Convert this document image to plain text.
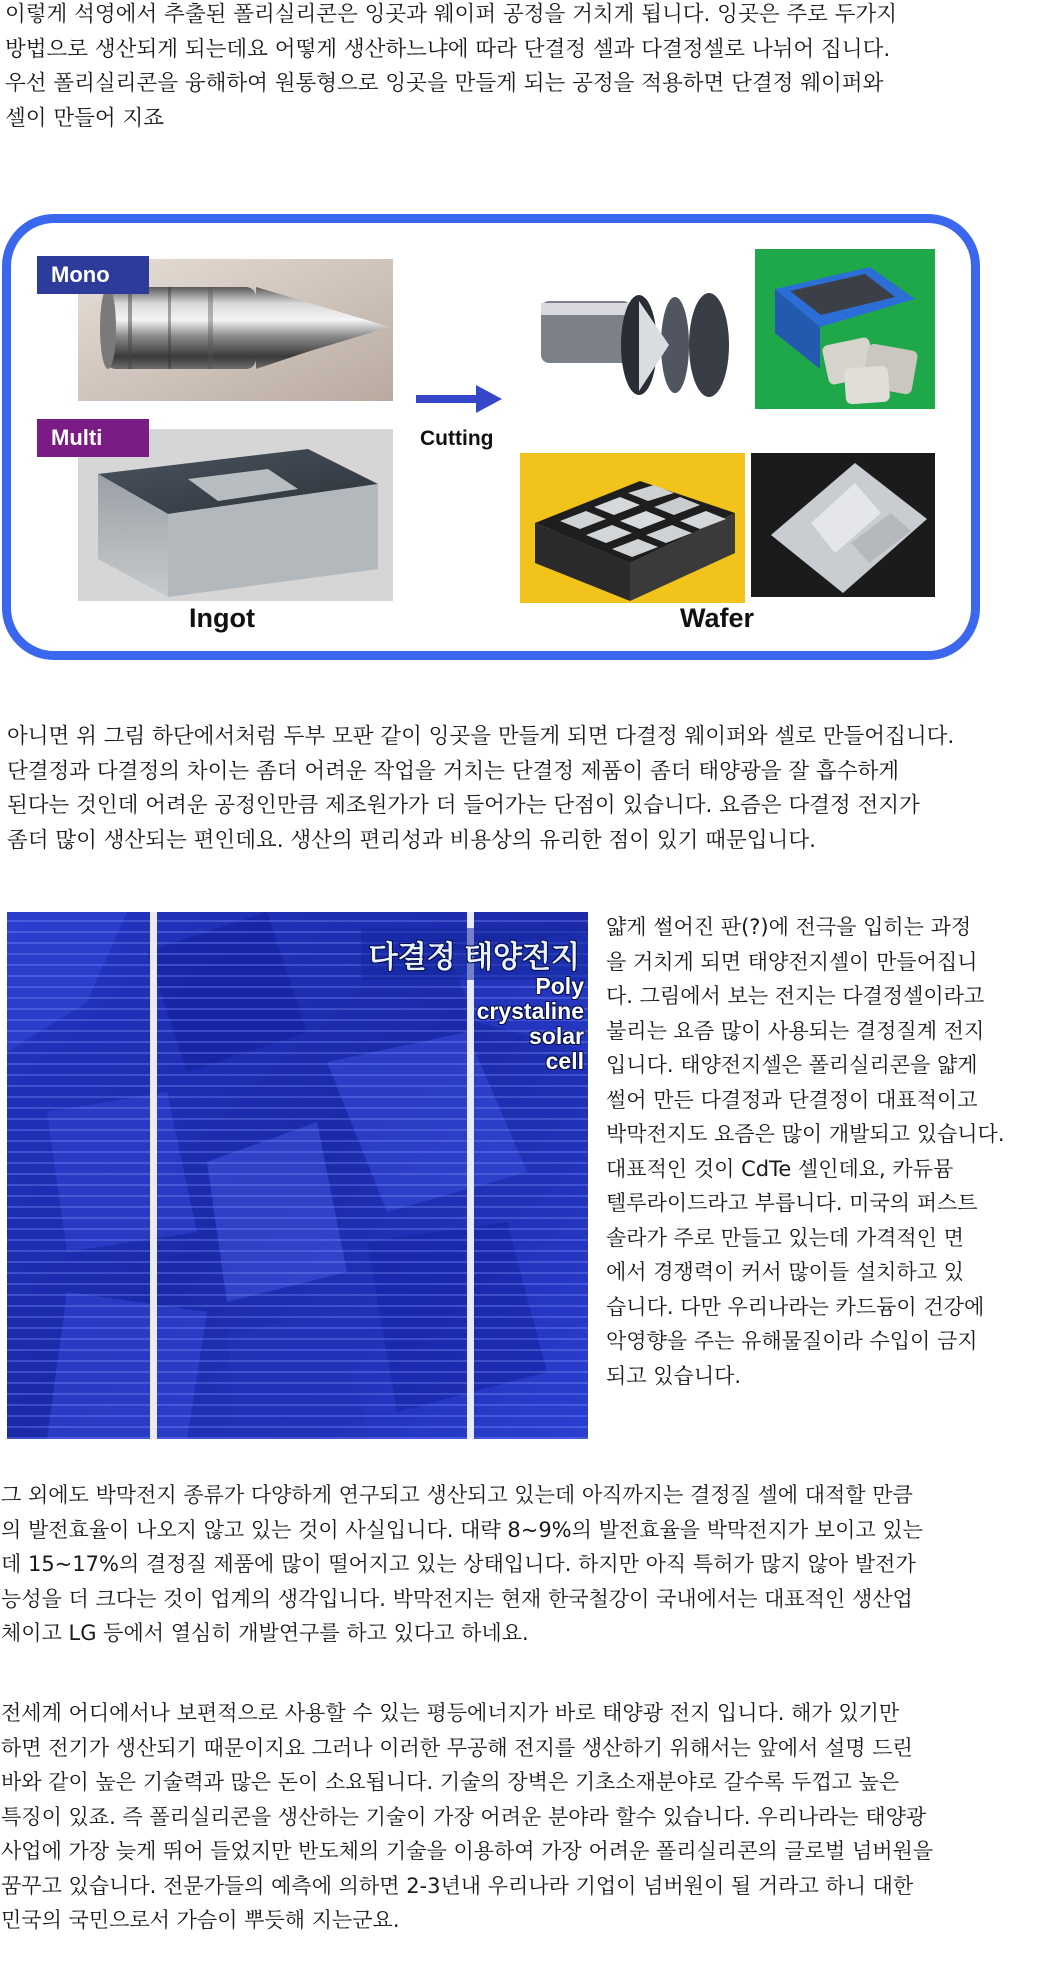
이렇게 석영에서 추출된 폴리실리콘은 잉곳과 웨이퍼 공정을 거치게 됩니다. 잉곳은 주로 두가지
방법으로 생산되게 되는데요 어떻게 생산하느냐에 따라 단결정 셀과 다결정셀로 나뉘어 집니다.
우선 폴리실리콘을 융해하여 원통형으로 잉곳을 만들게 되는 공정을 적용하면 단결정 웨이퍼와
셀이 만들어 지죠
Mono
Multi	Cutting
Ingot	Wafer
아니면 위 그림 하단에서처럼 두부 모판 같이 잉곳을 만들게 되면 다결정 웨이퍼와 셀로 만들어집니다.
단결정과 다결정의 차이는 좀더 어려운 작업을 거치는 단결정 제품이 좀더 태양광을 잘 흡수하게
된다는 것인데 어려운 공정인만큼 제조원가가 더 들어가는 단점이 있습니다. 요즘은 다결정 전지가
좀더 많이 생산되는 편인데요. 생산의 편리성과 비용상의 유리한 점이 있기 때문입니다.
다결정 태양전지
Poly
crystaline
solar
cell
얇게 썰어진 판(?)에 전극을 입히는 과정
을 거치게 되면 태양전지셀이 만들어집니
다. 그림에서 보는 전지는 다결정셀이라고
불리는 요즘 많이 사용되는 결정질계 전지
입니다. 태양전지셀은 폴리실리콘을 얇게
썰어 만든 다결정과 단결정이 대표적이고
박막전지도 요즘은 많이 개발되고 있습니다.
대표적인 것이 CdTe 셀인데요, 카듀뮴
텔루라이드라고 부릅니다. 미국의 퍼스트
솔라가 주로 만들고 있는데 가격적인 면
에서 경쟁력이 커서 많이들 설치하고 있
습니다. 다만 우리나라는 카드듐이 건강에
악영향을 주는 유해물질이라 수입이 금지
되고 있습니다.
그 외에도 박막전지 종류가 다양하게 연구되고 생산되고 있는데 아직까지는 결정질 셀에 대적할 만큼
의 발전효율이 나오지 않고 있는 것이 사실입니다. 대략 8~9%의 발전효율을 박막전지가 보이고 있는
데 15~17%의 결정질 제품에 많이 떨어지고 있는 상태입니다. 하지만 아직 특허가 많지 않아 발전가
능성을 더 크다는 것이 업계의 생각입니다. 박막전지는 현재 한국철강이 국내에서는 대표적인 생산업
체이고 LG 등에서 열심히 개발연구를 하고 있다고 하네요.
전세계 어디에서나 보편적으로 사용할 수 있는 평등에너지가 바로 태양광 전지 입니다. 해가 있기만
하면 전기가 생산되기 때문이지요 그러나 이러한 무공해 전지를 생산하기 위해서는 앞에서 설명 드린
바와 같이 높은 기술력과 많은 돈이 소요됩니다. 기술의 장벽은 기초소재분야로 갈수록 두껍고 높은
특징이 있죠. 즉 폴리실리콘을 생산하는 기술이 가장 어려운 분야라 할수 있습니다. 우리나라는 태양광
사업에 가장 늦게 뛰어 들었지만 반도체의 기술을 이용하여 가장 어려운 폴리실리콘의 글로벌 넘버원을
꿈꾸고 있습니다. 전문가들의 예측에 의하면 2-3년내 우리나라 기업이 넘버원이 될 거라고 하니 대한
민국의 국민으로서 가슴이 뿌듯해 지는군요.
